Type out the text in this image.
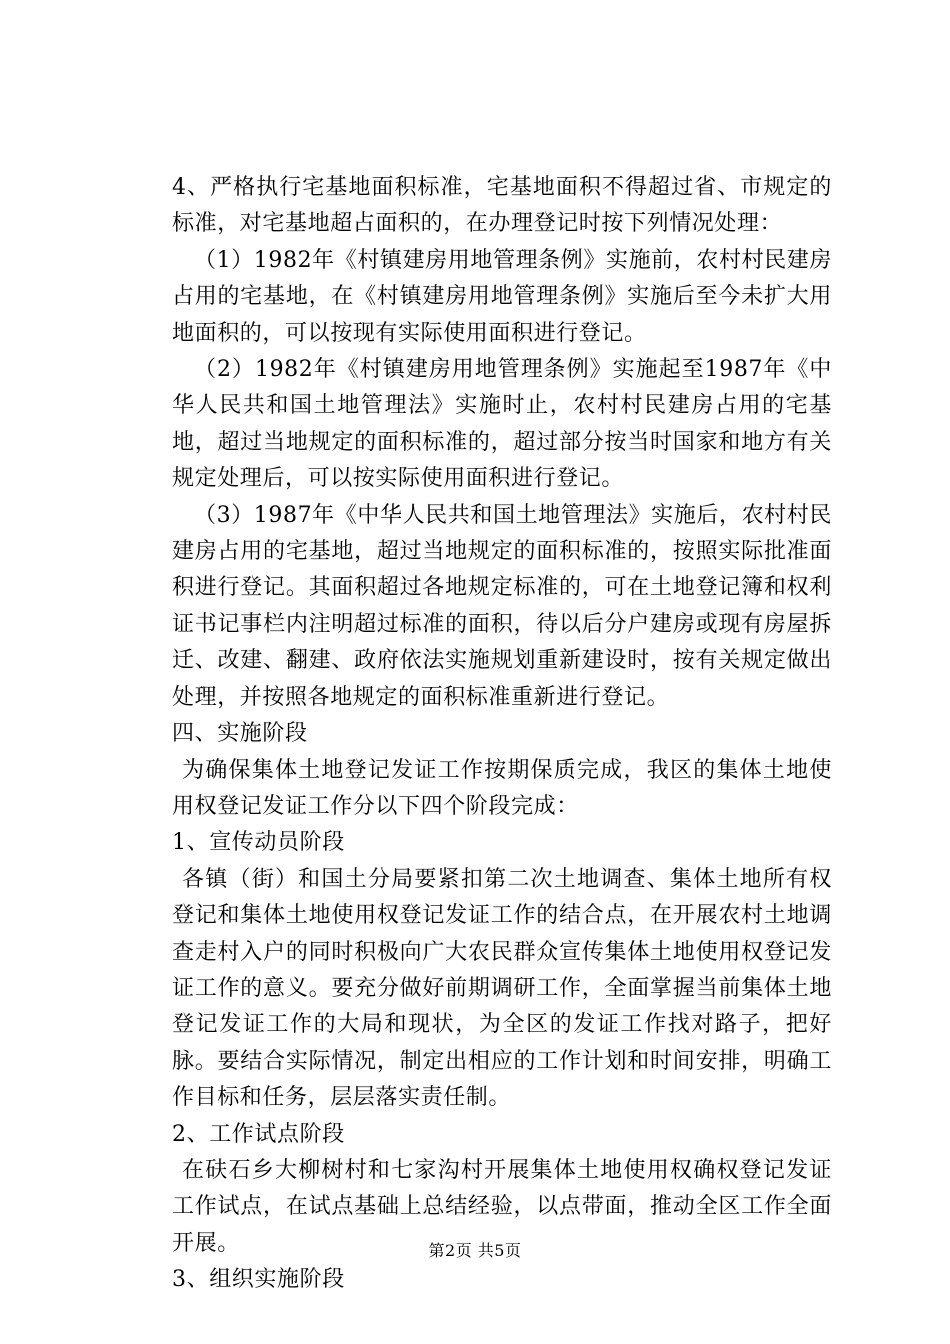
4、严格执行宅基地面积标准，宅基地面积不得超过省、市规定的标准，对宅基地超占面积的，在办理登记时按下列情况处理：

（1）1982年《村镇建房用地管理条例》实施前，农村村民建房占用的宅基地，在《村镇建房用地管理条例》实施后至今未扩大用地面积的，可以按现有实际使用面积进行登记。

（2）1982年《村镇建房用地管理条例》实施起至1987年《中华人民共和国土地管理法》实施时止，农村村民建房占用的宅基地，超过当地规定的面积标准的，超过部分按当时国家和地方有关规定处理后，可以按实际使用面积进行登记。

（3）1987年《中华人民共和国土地管理法》实施后，农村村民建房占用的宅基地，超过当地规定的面积标准的，按照实际批准面积进行登记。其面积超过各地规定标准的，可在土地登记簿和权利证书记事栏内注明超过标准的面积，待以后分户建房或现有房屋拆迁、改建、翻建、政府依法实施规划重新建设时，按有关规定做出处理，并按照各地规定的面积标准重新进行登记。

四、实施阶段

为确保集体土地登记发证工作按期保质完成，我区的集体土地使用权登记发证工作分以下四个阶段完成：

1、宣传动员阶段

各镇（街）和国土分局要紧扣第二次土地调查、集体土地所有权登记和集体土地使用权登记发证工作的结合点，在开展农村土地调查走村入户的同时积极向广大农民群众宣传集体土地使用权登记发证工作的意义。要充分做好前期调研工作，全面掌握当前集体土地登记发证工作的大局和现状，为全区的发证工作找对路子，把好脉。要结合实际情况，制定出相应的工作计划和时间安排，明确工作目标和任务，层层落实责任制。

2、工作试点阶段

在砆石乡大柳树村和七家沟村开展集体土地使用权确权登记发证工作试点，在试点基础上总结经验，以点带面，推动全区工作全面开展。

3、组织实施阶段

第2页 共5页
